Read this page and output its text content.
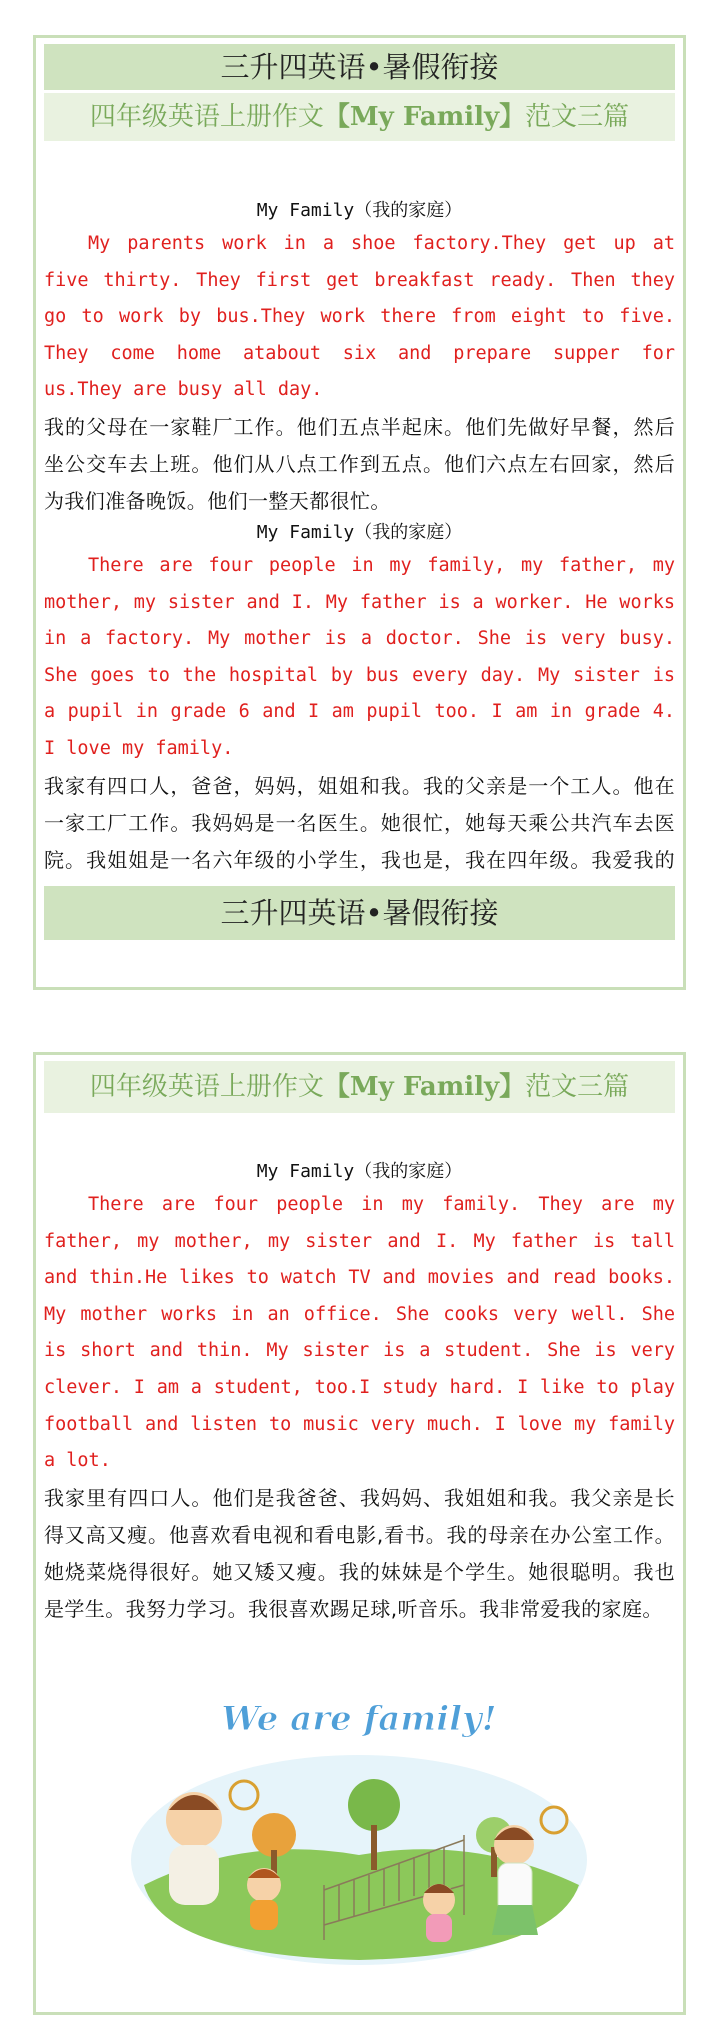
三升四英语•暑假衔接
四年级英语上册作文【My Family】范文三篇
My Family（我的家庭）

My parents work in a shoe factory.They get up at five thirty. They first get breakfast ready. Then they go to work by bus.They work there from eight to five. They come home atabout six and prepare supper for us.They are busy all day.

我的父母在一家鞋厂工作。他们五点半起床。他们先做好早餐，然后坐公交车去上班。他们从八点工作到五点。他们六点左右回家，然后为我们准备晚饭。他们一整天都很忙。

My Family（我的家庭）

There are four people in my family, my father, my mother, my sister and I. My father is a worker. He works in a factory. My mother is a doctor. She is very busy. She goes to the hospital by bus every day. My sister is a pupil in grade 6 and I am pupil too. I am in grade 4. I love my family.

我家有四口人，爸爸，妈妈，姐姐和我。我的父亲是一个工人。他在一家工厂工作。我妈妈是一名医生。她很忙，她每天乘公共汽车去医院。我姐姐是一名六年级的小学生，我也是，我在四年级。我爱我的

三升四英语•暑假衔接
四年级英语上册作文【My Family】范文三篇
My Family（我的家庭）

There are four people in my family. They are my father, my mother, my sister and I. My father is tall and thin.He likes to watch TV and movies and read books. My mother works in an office. She cooks very well. She is short and thin. My sister is a student. She is very clever. I am a student, too.I study hard. I like to play football and listen to music very much. I love my family a lot.

我家里有四口人。他们是我爸爸、我妈妈、我姐姐和我。我父亲是长得又高又瘦。他喜欢看电视和看电影,看书。我的母亲在办公室工作。她烧菜烧得很好。她又矮又瘦。我的妹妹是个学生。她很聪明。我也是学生。我努力学习。我很喜欢踢足球,听音乐。我非常爱我的家庭。

We are family!
